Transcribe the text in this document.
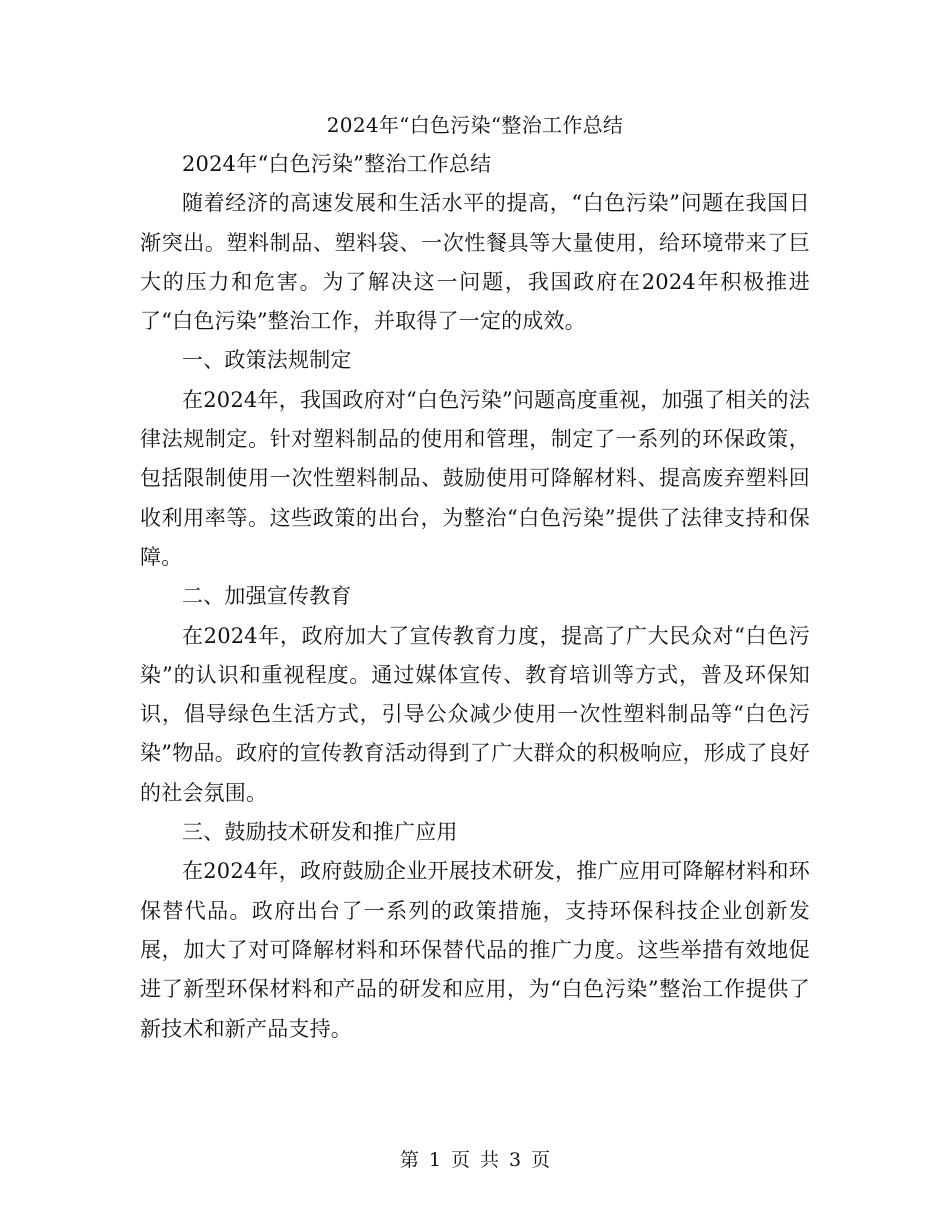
2024年“白色污染“整治工作总结

2024年“白色污染”整治工作总结

随着经济的高速发展和生活水平的提高，“白色污染”问题在我国日渐突出。塑料制品、塑料袋、一次性餐具等大量使用，给环境带来了巨大的压力和危害。为了解决这一问题，我国政府在2024年积极推进了“白色污染”整治工作，并取得了一定的成效。

一、政策法规制定

在2024年，我国政府对“白色污染”问题高度重视，加强了相关的法律法规制定。针对塑料制品的使用和管理，制定了一系列的环保政策，包括限制使用一次性塑料制品、鼓励使用可降解材料、提高废弃塑料回收利用率等。这些政策的出台，为整治“白色污染”提供了法律支持和保障。

二、加强宣传教育

在2024年，政府加大了宣传教育力度，提高了广大民众对“白色污染”的认识和重视程度。通过媒体宣传、教育培训等方式，普及环保知识，倡导绿色生活方式，引导公众减少使用一次性塑料制品等“白色污染”物品。政府的宣传教育活动得到了广大群众的积极响应，形成了良好的社会氛围。

三、鼓励技术研发和推广应用

在2024年，政府鼓励企业开展技术研发，推广应用可降解材料和环保替代品。政府出台了一系列的政策措施，支持环保科技企业创新发展，加大了对可降解材料和环保替代品的推广力度。这些举措有效地促进了新型环保材料和产品的研发和应用，为“白色污染”整治工作提供了新技术和新产品支持。

第 1 页 共 3 页
